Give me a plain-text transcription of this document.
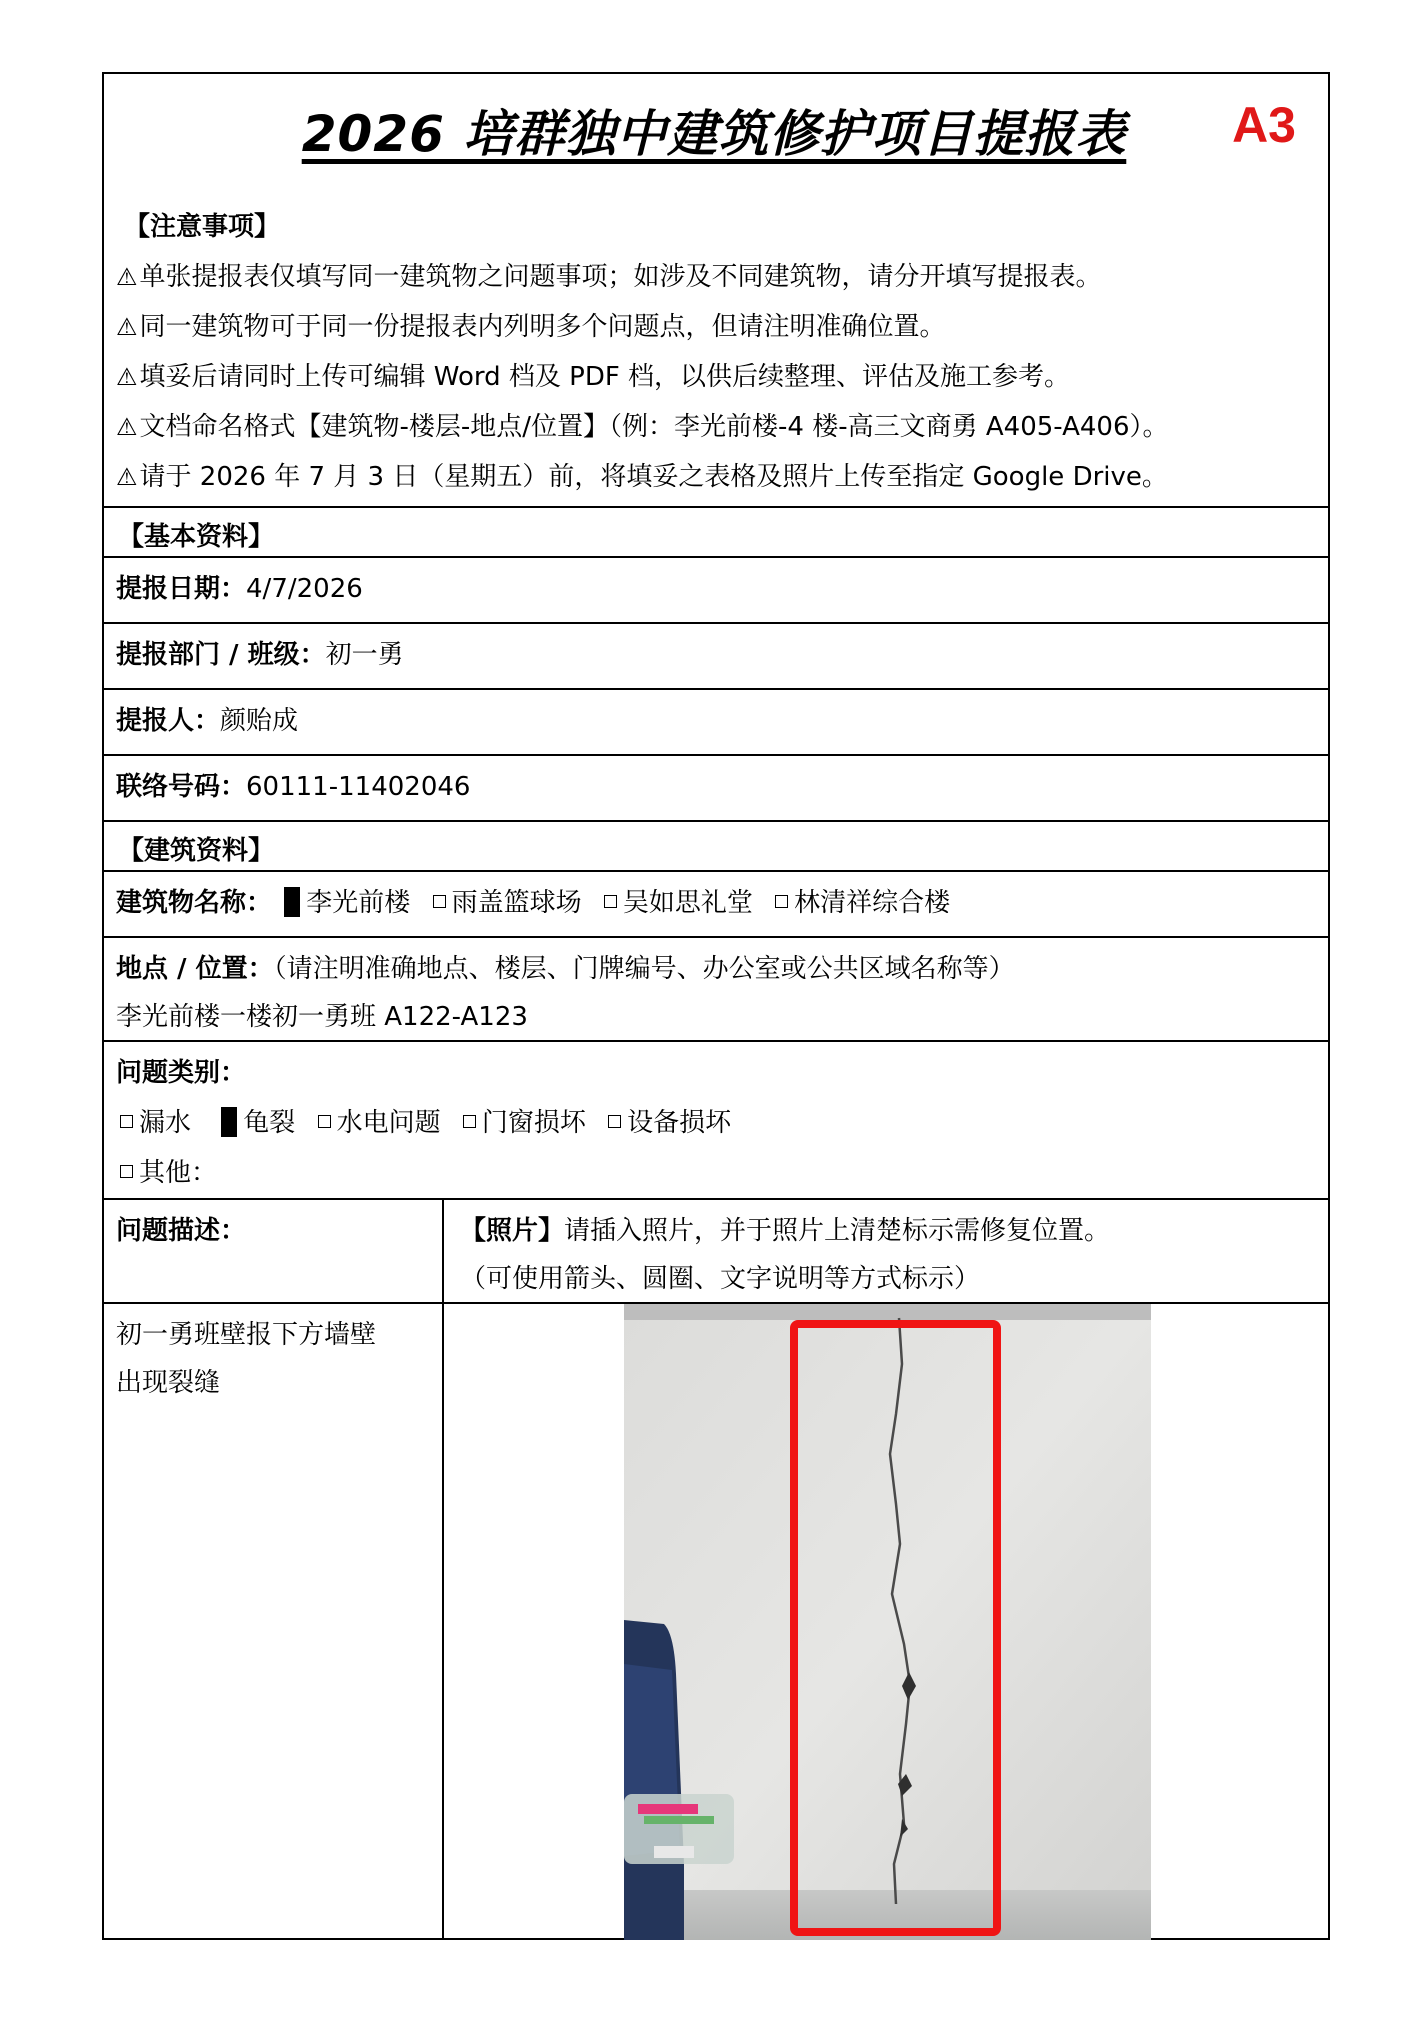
2026 培群独中建筑修护项目提报表	A3
【注意事项】
⚠单张提报表仅填写同一建筑物之问题事项；如涉及不同建筑物，请分开填写提报表。
⚠同一建筑物可于同一份提报表内列明多个问题点，但请注明准确位置。
⚠填妥后请同时上传可编辑 Word 档及 PDF 档，以供后续整理、评估及施工参考。
⚠文档命名格式【建筑物-楼层-地点/位置】（例：李光前楼-4 楼-高三文商勇 A405-A406）。
⚠请于 2026 年 7 月 3 日（星期五）前，将填妥之表格及照片上传至指定 Google Drive。
【基本资料】
提报日期：4/7/2026
提报部门 / 班级：初一勇
提报人：颜贻成
联络号码：60111-11402046
【建筑资料】
建筑物名称： 李光前楼 雨盖篮球场 吴如思礼堂 林清祥综合楼
地点 / 位置：（请注明准确地点、楼层、门牌编号、办公室或公共区域名称等）
李光前楼一楼初一勇班 A122-A123
问题类别：
漏水 龟裂 水电问题 门窗损坏 设备损坏
其他：
问题描述：	【照片】请插入照片，并于照片上清楚标示需修复位置。
（可使用箭头、圆圈、文字说明等方式标示）
初一勇班壁报下方墙壁
出现裂缝
